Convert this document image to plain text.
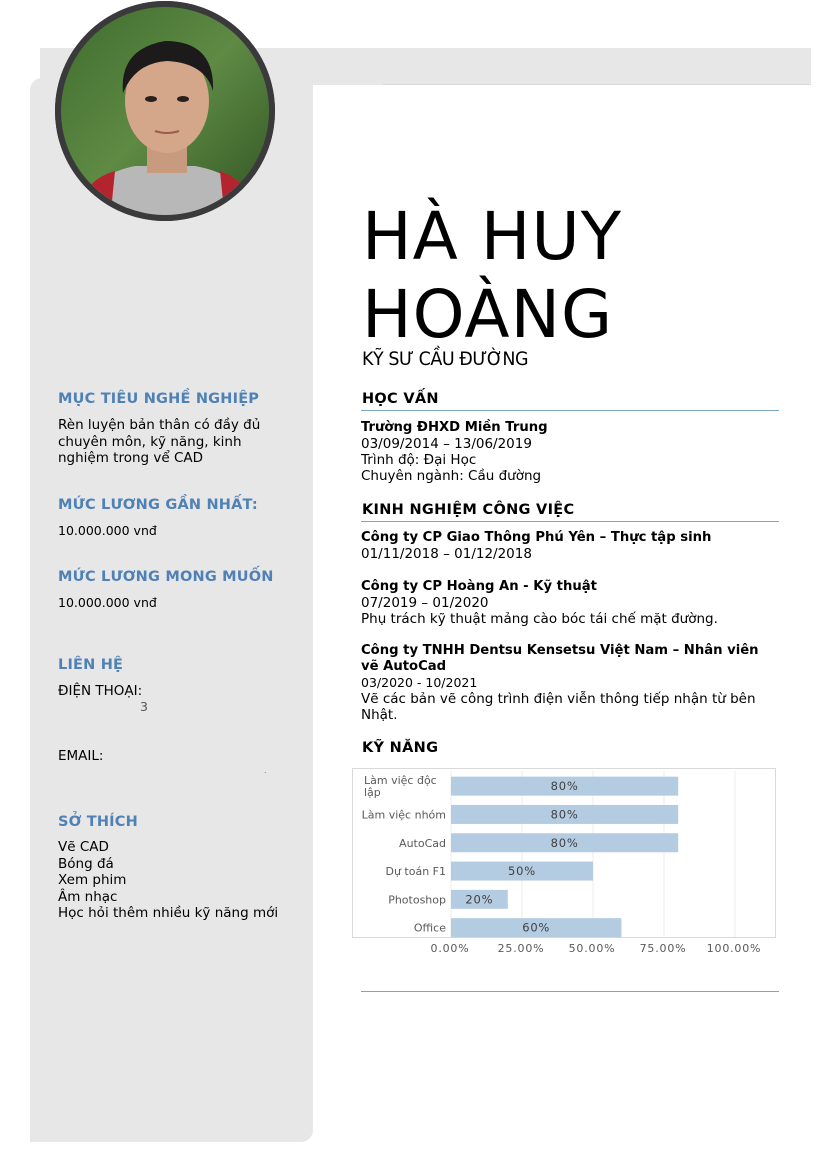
HÀ HUY HOÀNG
KỸ SƯ CẦU ĐƯỜNG
MỤC TIÊU NGHỀ NGHIỆP
Rèn luyện bản thân có đầy đủ chuyên môn, kỹ năng, kinh nghiệm trong vể CAD
MỨC LƯƠNG GẦN NHẤT:
10.000.000 vnđ
MỨC LƯƠNG MONG MUỐN
10.000.000 vnđ
LIÊN HỆ
ĐIỆN THOẠI:
3
EMAIL:
.
SỞ THÍCH
Vẽ CAD
Bóng đá
Xem phim
Âm nhạc
Học hỏi thêm nhiều kỹ năng mới
HỌC VẤN
Trường ĐHXD Miền Trung
03/09/2014 – 13/06/2019
Trình độ: Đại Học
Chuyên ngành: Cầu đường
KINH NGHIỆM CÔNG VIỆC
Công ty CP Giao Thông Phú Yên – Thực tập sinh
01/11/2018 – 01/12/2018
Công ty CP Hoàng An - Kỹ thuật
07/2019 – 01/2020
Phụ trách kỹ thuật mảng cào bóc tái chế mặt đường.
Công ty TNHH Dentsu Kensetsu Việt Nam – Nhân viên vẽ AutoCad
03/2020 - 10/2021
Vẽ các bản vẽ công trình điện viễn thông tiếp nhận từ bên Nhật.
KỸ NĂNG
80%
Làm việc độc
lập
80%
Làm việc nhóm
80%
AutoCad
50%
Dự toán F1
20%
Photoshop
60%
Office
0.00%	25.00% 50.00% 75.00% 100.00%
